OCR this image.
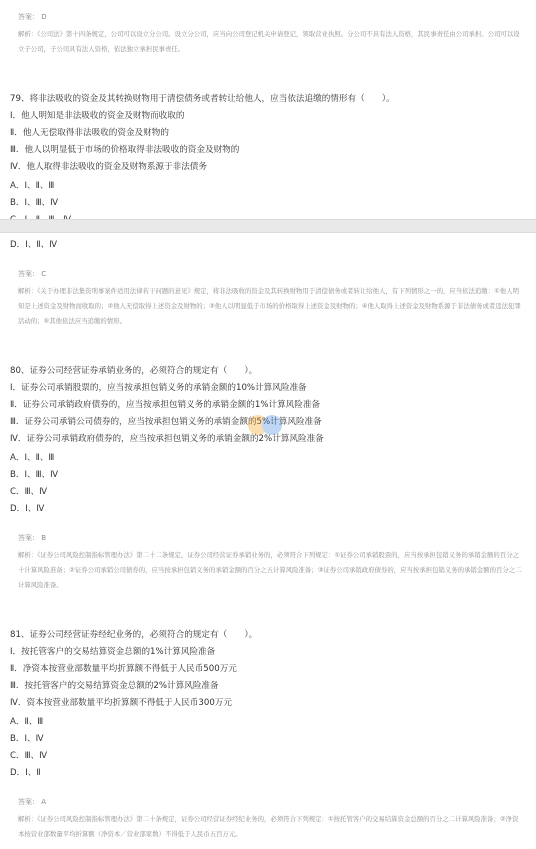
答案： D
解析：《公司法》第十四条规定，公司可以设立分公司。设立分公司，应当向公司登记机关申请登记，领取营业执照。分公司不具有法人资格，其民事责任由公司承担。公司可以设立子公司，子公司具有法人资格，依法独立承担民事责任。
79、将非法吸收的资金及其转换财物用于清偿债务或者转让给他人，应当依法追缴的情形有（　　）。
Ⅰ．他人明知是非法吸收的资金及财物而收取的
Ⅱ．他人无偿取得非法吸收的资金及财物的
Ⅲ．他人以明显低于市场的价格取得非法吸收的资金及财物的
Ⅳ．他人取得非法吸收的资金及财物系源于非法债务
A．Ⅰ、Ⅱ、Ⅲ
B．Ⅰ、Ⅲ、Ⅳ
D．Ⅰ、Ⅱ、Ⅳ
答案： C
解析：《关于办理非法集资刑事案件适用法律若干问题的意见》规定，将非法吸收的资金及其转换财物用于清偿债务或者转让给他人，有下列情形之一的，应当依法追缴：①他人明知是上述资金及财物而收取的；②他人无偿取得上述资金及财物的；③他人以明显低于市场的价格取得上述资金及财物的；④他人取得上述资金及财物系源于非法债务或者违法犯罪活动的；⑤其他依法应当追缴的情形。
80、证券公司经营证券承销业务的，必须符合的规定有（　　）。
Ⅰ．证券公司承销股票的，应当按承担包销义务的承销金额的10%计算风险准备
Ⅱ．证券公司承销政府债券的，应当按承担包销义务的承销金额的1%计算风险准备
Ⅲ．证券公司承销公司债券的，应当按承担包销义务的承销金额的5%计算风险准备
Ⅳ．证券公司承销政府债券的，应当按承担包销义务的承销金额的2%计算风险准备
A．Ⅰ、Ⅱ、Ⅲ
B．Ⅰ、Ⅲ、Ⅳ
C．Ⅲ、Ⅳ
D．Ⅰ、Ⅳ
答案： B
解析：《证券公司风险控制指标管理办法》第二十二条规定，证券公司经营证券承销业务的，必须符合下列规定：①证券公司承销股票的，应当按承担包销义务的承销金额的百分之十计算风险准备；②证券公司承销公司债券的，应当按承担包销义务的承销金额的百分之五计算风险准备；③证券公司承销政府债券的，应当按承担包销义务的承销金额的百分之二计算风险准备。
81、证券公司经营证券经纪业务的，必须符合的规定有（　　）。
Ⅰ．按托管客户的交易结算资金总额的1%计算风险准备
Ⅱ．净资本按营业部数量平均折算额不得低于人民币500万元
Ⅲ．按托管客户的交易结算资金总额的2%计算风险准备
Ⅳ．资本按营业部数量平均折算额不得低于人民币300万元
A．Ⅱ、Ⅲ
B．Ⅰ、Ⅳ
C．Ⅲ、Ⅳ
D．Ⅰ、Ⅱ
答案： A
解析：《证券公司风险控制指标管理办法》第二十条规定，证券公司经营证券经纪业务的，必须符合下列规定：①按托管客户的交易结算资金总额的百分之二计算风险准备；②净资本按营业部数量平均折算额（净资本／营业部家数）不得低于人民币五百万元。
